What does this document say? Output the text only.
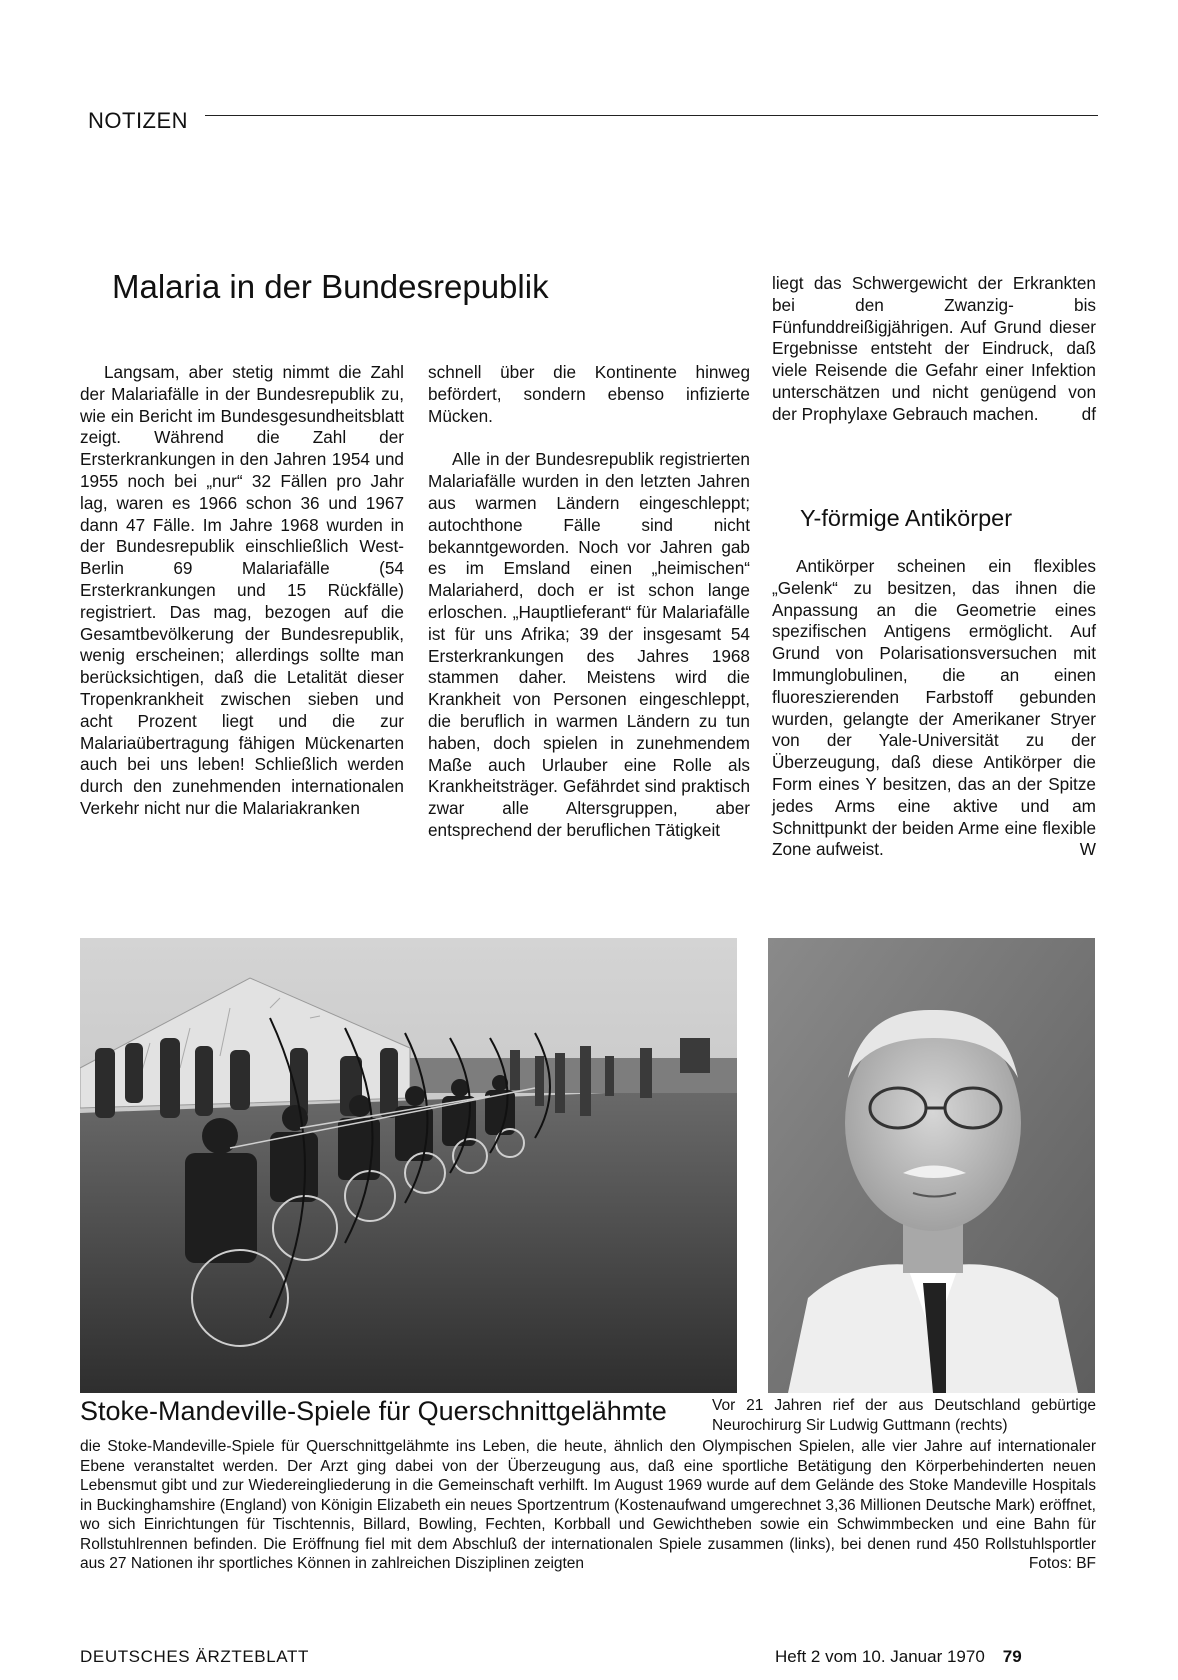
NOTIZEN
Malaria in der Bundesrepublik

Langsam, aber stetig nimmt die Zahl der Malariafälle in der Bundesrepublik zu, wie ein Bericht im Bundesgesundheitsblatt zeigt. Während die Zahl der Ersterkrankungen in den Jahren 1954 und 1955 noch bei „nur“ 32 Fällen pro Jahr lag, waren es 1966 schon 36 und 1967 dann 47 Fälle. Im Jahre 1968 wurden in der Bundesrepublik einschließlich West-Berlin 69 Malariafälle (54 Ersterkrankungen und 15 Rückfälle) registriert. Das mag, bezogen auf die Gesamtbevölkerung der Bundesrepublik, wenig erscheinen; allerdings sollte man berücksichtigen, daß die Letalität dieser Tropenkrankheit zwischen sieben und acht Prozent liegt und die zur Malariaübertragung fähigen Mückenarten auch bei uns leben! Schließlich werden durch den zunehmenden internationalen Verkehr nicht nur die Malariakranken

schnell über die Kontinente hinweg befördert, sondern ebenso infizierte Mücken.

Alle in der Bundesrepublik registrierten Malariafälle wurden in den letzten Jahren aus warmen Ländern eingeschleppt; autochthone Fälle sind nicht bekanntgeworden. Noch vor Jahren gab es im Emsland einen „heimischen“ Malariaherd, doch er ist schon lange erloschen. „Hauptlieferant“ für Malariafälle ist für uns Afrika; 39 der insgesamt 54 Ersterkrankungen des Jahres 1968 stammen daher. Meistens wird die Krankheit von Personen eingeschleppt, die beruflich in warmen Ländern zu tun haben, doch spielen in zunehmendem Maße auch Urlauber eine Rolle als Krankheitsträger. Gefährdet sind praktisch zwar alle Altersgruppen, aber entsprechend der beruflichen Tätigkeit

liegt das Schwergewicht der Erkrankten bei den Zwanzig- bis Fünfunddreißigjährigen. Auf Grund dieser Ergebnisse entsteht der Eindruck, daß viele Reisende die Gefahr einer Infektion unterschätzen und nicht genügend von der Prophylaxe Gebrauch machen.	df

Y-förmige Antikörper

Antikörper scheinen ein flexibles „Gelenk“ zu besitzen, das ihnen die Anpassung an die Geometrie eines spezifischen Antigens ermöglicht. Auf Grund von Polarisationsversuchen mit Immunglobulinen, die an einen fluoreszierenden Farbstoff gebunden wurden, gelangte der Amerikaner Stryer von der Yale-Universität zu der Überzeugung, daß diese Antikörper die Form eines Y besitzen, das an der Spitze jedes Arms eine aktive und am Schnittpunkt der beiden Arme eine flexible Zone aufweist.	W

Stoke-Mandeville-Spiele für Querschnittgelähmte	Vor 21 Jahren rief der aus Deutschland gebürtige Neurochirurg Sir Ludwig Guttmann (rechts)
die Stoke-Mandeville-Spiele für Querschnittgelähmte ins Leben, die heute, ähnlich den Olympischen Spielen, alle vier Jahre auf internationaler Ebene veranstaltet werden. Der Arzt ging dabei von der Überzeugung aus, daß eine sportliche Betätigung den Körperbehinderten neuen Lebensmut gibt und zur Wiedereingliederung in die Gemeinschaft verhilft. Im August 1969 wurde auf dem Gelände des Stoke Mandeville Hospitals in Buckinghamshire (England) von Königin Elizabeth ein neues Sportzentrum (Kostenaufwand umgerechnet 3,36 Millionen Deutsche Mark) eröffnet, wo sich Einrichtungen für Tischtennis, Billard, Bowling, Fechten, Korbball und Gewichtheben sowie ein Schwimmbecken und eine Bahn für Rollstuhlrennen befinden. Die Eröffnung fiel mit dem Abschluß der internationalen Spiele zusammen (links), bei denen rund 450 Rollstuhlsportler aus 27 Nationen ihr sportliches Können in zahlreichen Disziplinen zeigten	Fotos: BF
DEUTSCHES ÄRZTEBLATT	Heft 2 vom 10. Januar 1970 79
